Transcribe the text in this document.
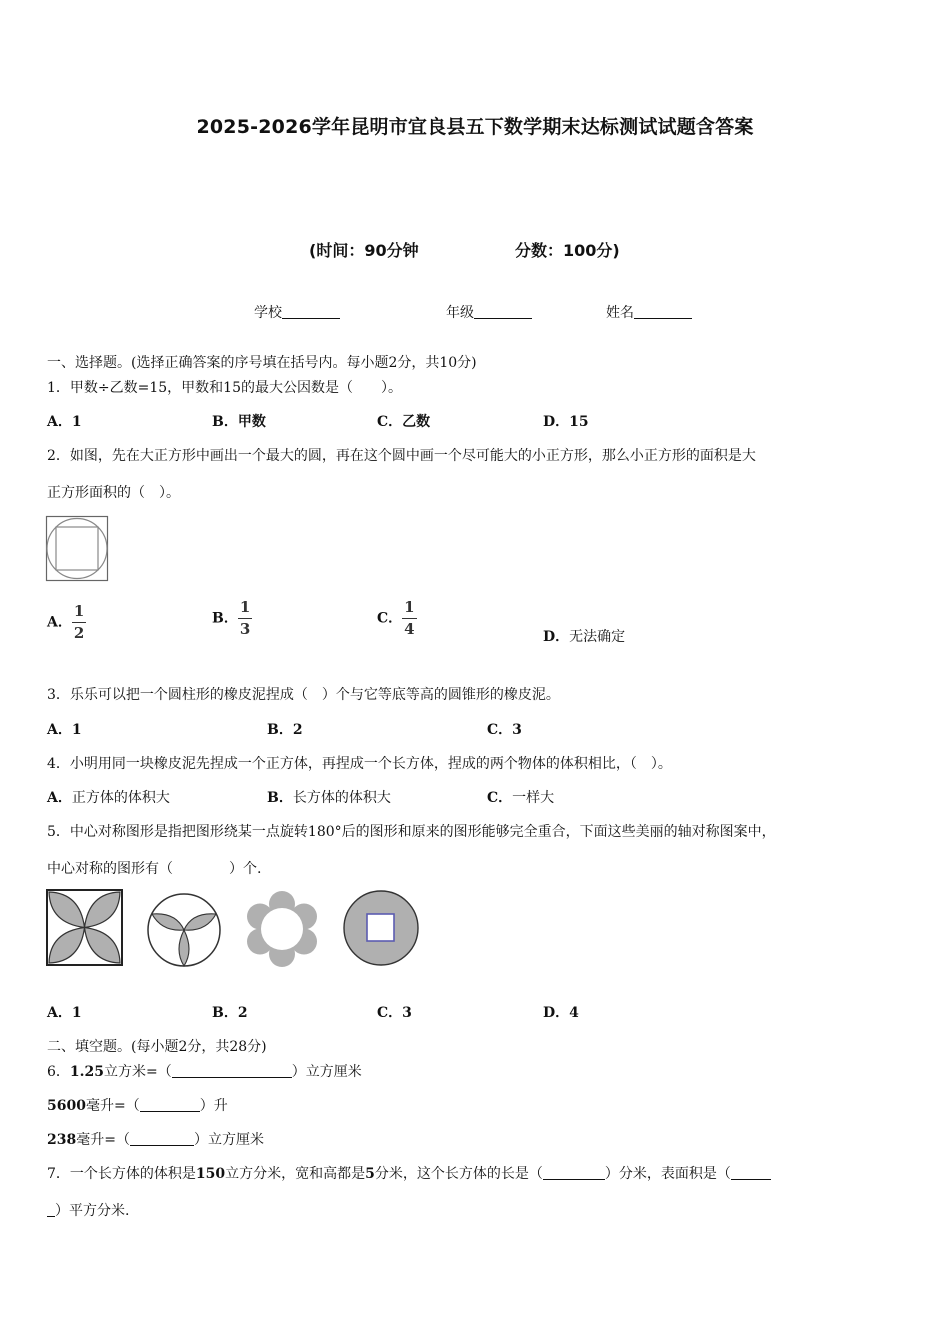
2025-2026学年昆明市宜良县五下数学期末达标测试试题含答案
(时间：90分钟	分数：100分)
学校	年级	姓名
一、选择题。(选择正确答案的序号填在括号内。每小题2分，共10分)
1．甲数÷乙数=15，甲数和15的最大公因数是（　　）。
A．1	B．甲数	C．乙数	D．15
2．如图，先在大正方形中画出一个最大的圆，再在这个圆中画一个尽可能大的小正方形，那么小正方形的面积是大
正方形面积的（　）。
A． $\frac{1}{2}$	B． $\frac{1}{3}$	C． $\frac{1}{4}$	D．无法确定
3．乐乐可以把一个圆柱形的橡皮泥捏成（　）个与它等底等高的圆锥形的橡皮泥。
A．1	B．2	C．3
4．小明用同一块橡皮泥先捏成一个正方体，再捏成一个长方体，捏成的两个物体的体积相比，（　）。
A．正方体的体积大	B．长方体的体积大	C．一样大
5．中心对称图形是指把图形绕某一点旋转180°后的图形和原来的图形能够完全重合，下面这些美丽的轴对称图案中，
中心对称的图形有（　　　　）个.
A．1	B．2	C．3	D．4
二、填空题。(每小题2分，共28分)
6．1.25立方米=（	）立方厘米
5600毫升=（	）升
238毫升=（	）立方厘米
7．一个长方体的体积是150立方分米，宽和高都是5分米，这个长方体的长是（	）分米，表面积是（
）平方分米.
